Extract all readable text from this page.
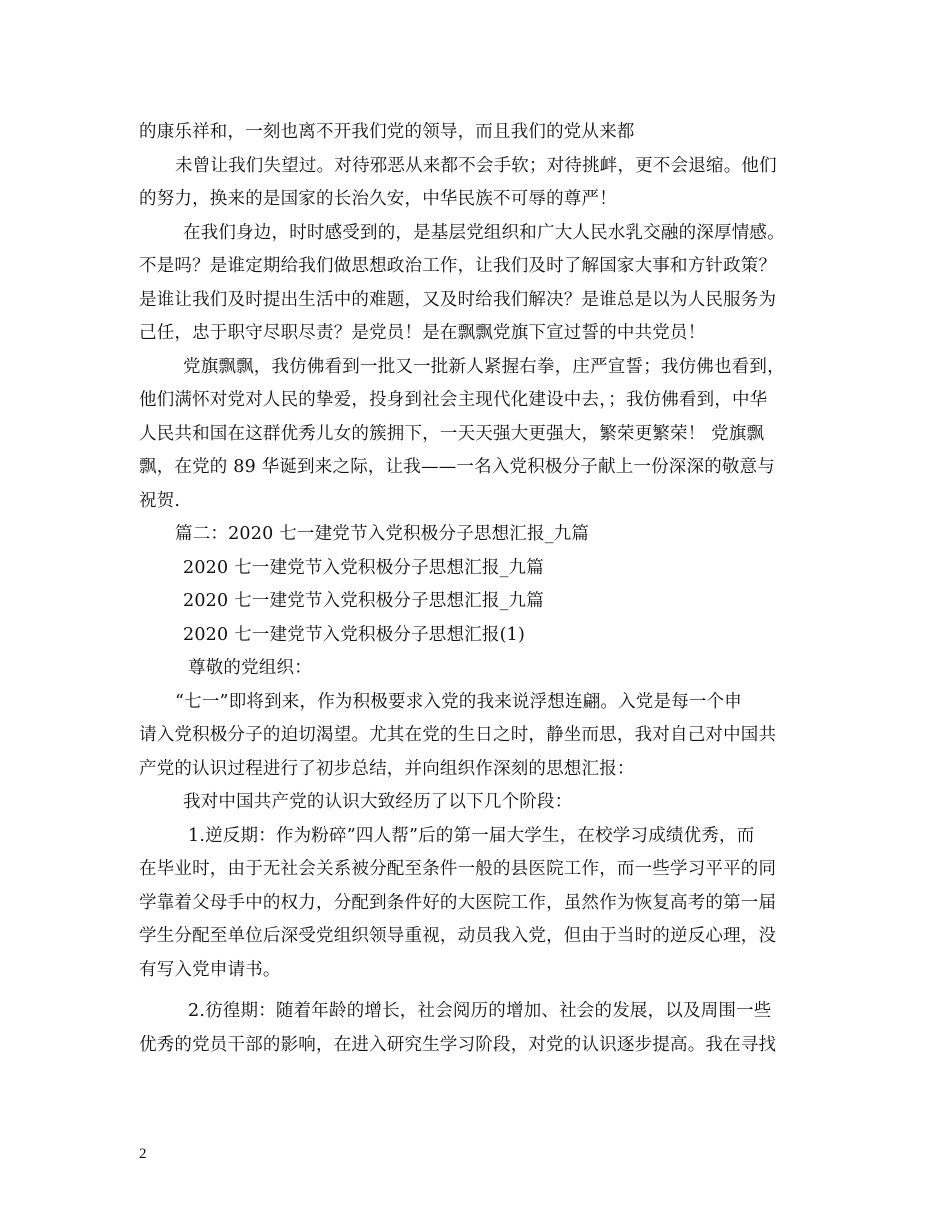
的康乐祥和，一刻也离不开我们党的领导，而且我们的党从来都

未曾让我们失望过。对待邪恶从来都不会手软；对待挑衅，更不会退缩。他们

的努力，换来的是国家的长治久安，中华民族不可辱的尊严！

在我们身边，时时感受到的，是基层党组织和广大人民水乳交融的深厚情感。

不是吗？是谁定期给我们做思想政治工作，让我们及时了解国家大事和方针政策？

是谁让我们及时提出生活中的难题，又及时给我们解决？是谁总是以为人民服务为

己任，忠于职守尽职尽责？是党员！是在飘飘党旗下宣过誓的中共党员！

党旗飘飘，我仿佛看到一批又一批新人紧握右拳，庄严宣誓；我仿佛也看到，

他们满怀对党对人民的挚爱，投身到社会主现代化建设中去，；我仿佛看到，中华

人民共和国在这群优秀儿女的簇拥下，一天天强大更强大，繁荣更繁荣！ 党旗飘

飘，在党的 89 华诞到来之际，让我——一名入党积极分子献上一份深深的敬意与

祝贺.

篇二：2020 七一建党节入党积极分子思想汇报_九篇

2020 七一建党节入党积极分子思想汇报_九篇

2020 七一建党节入党积极分子思想汇报_九篇

2020 七一建党节入党积极分子思想汇报(1)

尊敬的党组织：

“七一”即将到来，作为积极要求入党的我来说浮想连翩。入党是每一个申

请入党积极分子的迫切渴望。尤其在党的生日之时，静坐而思，我对自己对中国共

产党的认识过程进行了初步总结，并向组织作深刻的思想汇报：

我对中国共产党的认识大致经历了以下几个阶段：

1.逆反期：作为粉碎”四人帮”后的第一届大学生，在校学习成绩优秀，而

在毕业时，由于无社会关系被分配至条件一般的县医院工作，而一些学习平平的同

学靠着父母手中的权力，分配到条件好的大医院工作，虽然作为恢复高考的第一届

学生分配至单位后深受党组织领导重视，动员我入党，但由于当时的逆反心理，没

有写入党申请书。

2.彷徨期：随着年龄的增长，社会阅历的增加、社会的发展，以及周围一些

优秀的党员干部的影响，在进入研究生学习阶段，对党的认识逐步提高。我在寻找

2
